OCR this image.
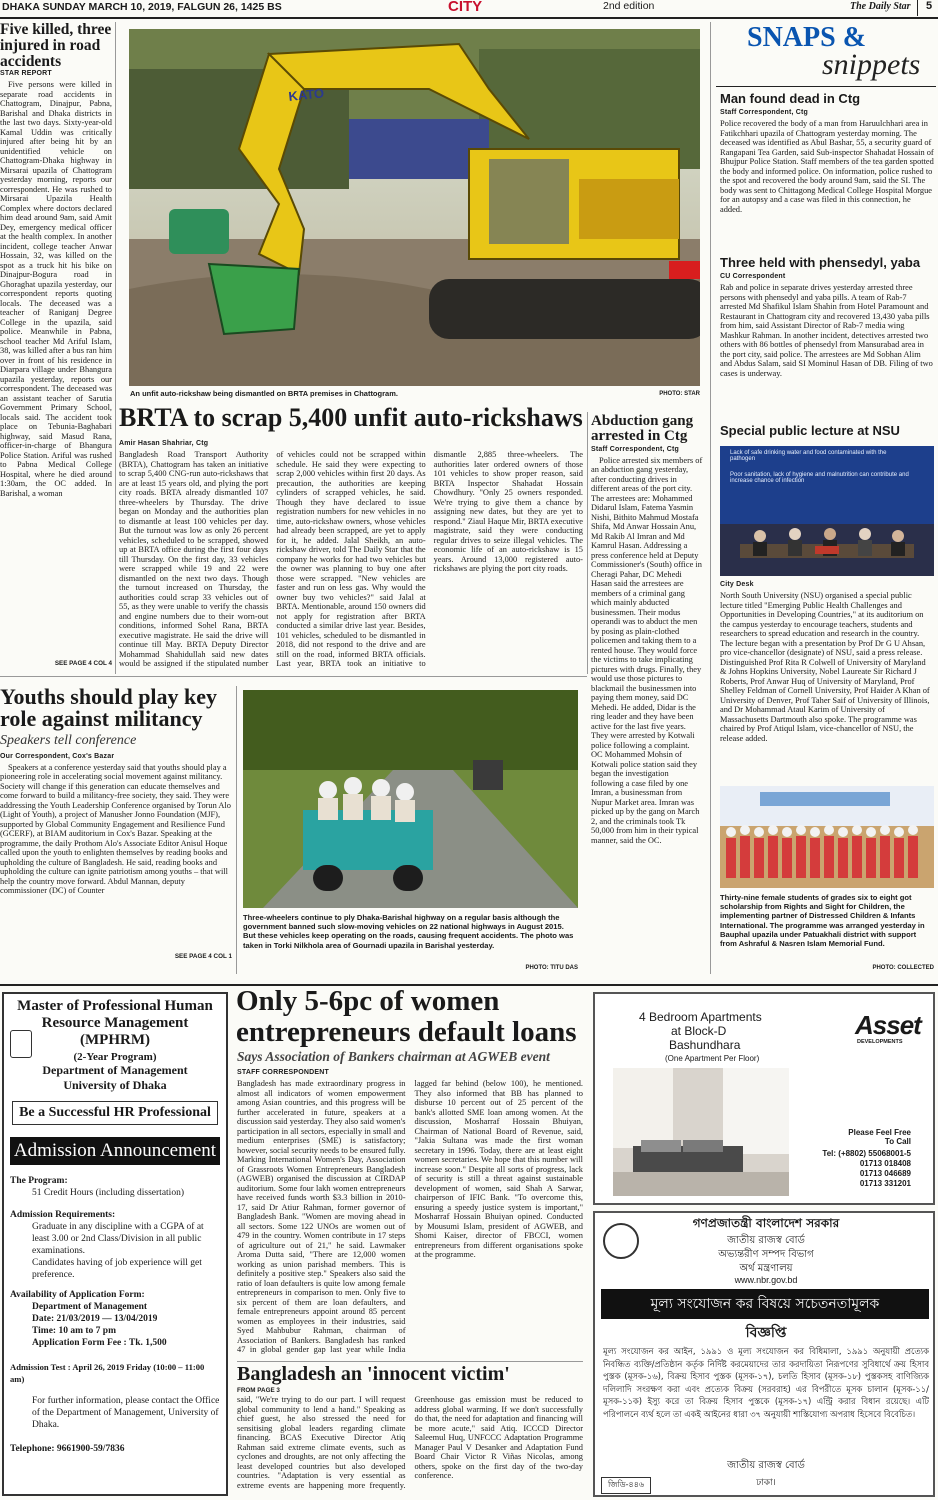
DHAKA SUNDAY MARCH 10, 2019, FALGUN 26, 1425 BS	CITY	2nd edition	The Daily Star 5
Five killed, three injured in road accidents
STAR REPORT
Five persons were killed in separate road accidents in Chattogram, Dinajpur, Pabna, Barishal and Dhaka districts in the last two days. Sixty-year-old Kamal Uddin was critically injured after being hit by an unidentified vehicle on Chattogram-Dhaka highway in Mirsarai upazila of Chattogram yesterday morning, reports our correspondent. He was rushed to Mirsarai Upazila Health Complex where doctors declared him dead around 9am, said Amit Dey, emergency medical officer at the health complex. In another incident, college teacher Anwar Hossain, 32, was killed on the spot as a truck hit his bike on Dinajpur-Bogura road in Ghoraghat upazila yesterday, our correspondent reports quoting locals. The deceased was a teacher of Raniganj Degree College in the upazila, said police. Meanwhile in Pabna, school teacher Md Ariful Islam, 38, was killed after a bus ran him over in front of his residence in Diarpara village under Bhangura upazila yesterday, reports our correspondent. The deceased was an assistant teacher of Sarutia Government Primary School, locals said. The accident took place on Tebunia-Baghabari highway, said Masud Rana, officer-in-charge of Bhangura Police Station. Ariful was rushed to Pabna Medical College Hospital, where he died around 1:30am, the OC added. In Barishal, a woman
SEE PAGE 4 COL 4
KATO
An unfit auto-rickshaw being dismantled on BRTA premises in Chattogram.	PHOTO: STAR
BRTA to scrap 5,400 unfit auto-rickshaws
Amir Hasan Shahriar, Ctg
Bangladesh Road Transport Authority (BRTA), Chattogram has taken an initiative to scrap 5,400 CNG-run auto-rickshaws that are at least 15 years old, and plying the port city roads. BRTA already dismantled 107 three-wheelers by Thursday. The drive began on Monday and the authorities plan to dismantle at least 100 vehicles per day. But the turnout was low as only 26 percent vehicles, scheduled to be scrapped, showed up at BRTA office during the first four days till Thursday. On the first day, 33 vehicles were scrapped while 19 and 22 were dismantled on the next two days. Though the turnout increased on Thursday, the authorities could scrap 33 vehicles out of 55, as they were unable to verify the chassis and engine numbers due to their worn-out conditions, informed Sohel Rana, BRTA executive magistrate. He said the drive will continue till May. BRTA Deputy Director Mohammad Shahidullah said new dates would be assigned if the stipulated number of vehicles could not be scrapped within schedule. He said they were expecting to scrap 2,000 vehicles within first 20 days. As precaution, the authorities are keeping cylinders of scrapped vehicles, he said. Though they have declared to issue registration numbers for new vehicles in no time, auto-rickshaw owners, whose vehicles had already been scrapped, are yet to apply for it, he added. Jalal Sheikh, an auto-rickshaw driver, told The Daily Star that the company he works for had two vehicles but the owner was planning to buy one after those were scrapped. "New vehicles are faster and run on less gas. Why would the owner buy two vehicles?" said Jalal at BRTA. Mentionable, around 150 owners did not apply for registration after BRTA conducted a similar drive last year. Besides, 101 vehicles, scheduled to be dismantled in 2018, did not respond to the drive and are still on the road, informed BRTA officials. Last year, BRTA took an initiative to dismantle 2,885 three-wheelers. The authorities later ordered owners of those 101 vehicles to show proper reason, said BRTA Inspector Shahadat Hossain Chowdhury. "Only 25 owners responded. We're trying to give them a chance by assigning new dates, but they are yet to respond." Ziaul Haque Mir, BRTA executive magistrate, said they were conducting regular drives to seize illegal vehicles. The economic life of an auto-rickshaw is 15 years. Around 13,000 registered auto-rickshaws are plying the port city roads.
Abduction gang arrested in Ctg
Staff Correspondent, Ctg
Police arrested six members of an abduction gang yesterday, after conducting drives in different areas of the port city. The arrestees are: Mohammed Didarul Islam, Fatema Yasmin Nishi, Bithito Mahmud Mostafa Shifa, Md Anwar Hossain Anu, Md Rakib Al Imran and Md Kamrul Hasan. Addressing a press conference held at Deputy Commissioner's (South) office in Cheragi Pahar, DC Mehedi Hasan said the arrestees are members of a criminal gang which mainly abducted businessmen. Their modus operandi was to abduct the men by posing as plain-clothed policemen and taking them to a rented house. They would force the victims to take implicating pictures with drugs. Finally, they would use those pictures to blackmail the businessmen into paying them money, said DC Mehedi. He added, Didar is the ring leader and they have been active for the last five years. They were arrested by Kotwali police following a complaint. OC Mohammed Mohsin of Kotwali police station said they began the investigation following a case filed by one Imran, a businessman from Nupur Market area. Imran was picked up by the gang on March 2, and the criminals took Tk 50,000 from him in their typical manner, said the OC.
SNAPS &
snippets
Man found dead in Ctg
Staff Correspondent, Ctg
Police recovered the body of a man from Haruulchhari area in Fatikchhari upazila of Chattogram yesterday morning. The deceased was identified as Abul Bashar, 55, a security guard of Rangapani Tea Garden, said Sub-inspector Shahadat Hossain of Bhujpur Police Station. Staff members of the tea garden spotted the body and informed police. On information, police rushed to the spot and recovered the body around 9am, said the SI. The body was sent to Chittagong Medical College Hospital Morgue for an autopsy and a case was filed in this connection, he added.
Three held with phensedyl, yaba
CU Correspondent
Rab and police in separate drives yesterday arrested three persons with phensedyl and yaba pills. A team of Rab-7 arrested Md Shafikul Islam Shahin from Hotel Paramount and Restaurant in Chattogram city and recovered 13,430 yaba pills from him, said Assistant Director of Rab-7 media wing Mashkur Rahman. In another incident, detectives arrested two others with 86 bottles of phensedyl from Mansurabad area in the port city, said police. The arrestees are Md Sobhan Alim and Abdus Salam, said SI Mominul Hasan of DB. Filing of two cases is underway.
Special public lecture at NSU
Lack of safe drinking water and food contaminated with the pathogen
Poor sanitation, lack of hygiene and malnutrition can contribute and increase chance of infection
City Desk
North South University (NSU) organised a special public lecture titled "Emerging Public Health Challenges and Opportunities in Developing Countries," at its auditorium on the campus yesterday to encourage teachers, students and researchers to spread education and research in the country. The lecture began with a presentation by Prof Dr G U Ahsan, pro vice-chancellor (designate) of NSU, said a press release. Distinguished Prof Rita R Colwell of University of Maryland & Johns Hopkins University, Nobel Laureate Sir Richard J Roberts, Prof Anwar Huq of University of Maryland, Prof Shelley Feldman of Cornell University, Prof Haider A Khan of University of Denver, Prof Taher Saif of University of Illinois, and Dr Mohammad Ataul Karim of University of Massachusetts Dartmouth also spoke. The programme was chaired by Prof Atiqul Islam, vice-chancellor of NSU, the release added.
Thirty-nine female students of grades six to eight got scholarship from Rights and Sight for Children, the implementing partner of Distressed Children & Infants International. The programme was arranged yesterday in Bauphal upazila under Patuakhali district with support from Ashraful & Nasren Islam Memorial Fund.
PHOTO: COLLECTED
Youths should play key role against militancy
Speakers tell conference
Our Correspondent, Cox's Bazar
Speakers at a conference yesterday said that youths should play a pioneering role in accelerating social movement against militancy. Society will change if this generation can educate themselves and come forward to build a militancy-free society, they said. They were addressing the Youth Leadership Conference organised by Torun Alo (Light of Youth), a project of Manusher Jonno Foundation (MJF), supported by Global Community Engagement and Resilience Fund (GCERF), at BIAM auditorium in Cox's Bazar. Speaking at the programme, the daily Prothom Alo's Associate Editor Anisul Hoque called upon the youth to enlighten themselves by reading books and upholding the culture of Bangladesh. He said, reading books and upholding the culture can ignite patriotism among youths – that will help the country move forward. Abdul Mannan, deputy commissioner (DC) of Counter
SEE PAGE 4 COL 1
Three-wheelers continue to ply Dhaka-Barishal highway on a regular basis although the government banned such slow-moving vehicles on 22 national highways in August 2015. But these vehicles keep operating on the roads, causing frequent accidents. The photo was taken in Torki Nilkhola area of Gournadi upazila in Barishal yesterday.
PHOTO: TITU DAS
Master of Professional Human Resource Management (MPHRM)
(2-Year Program)
Department of Management
University of Dhaka
Be a Successful HR Professional
Admission Announcement
The Program:
51 Credit Hours (including dissertation)
Admission Requirements:
Graduate in any discipline with a CGPA of at least 3.00 or 2nd Class/Division in all public examinations.
Candidates having of job experience will get preference.
Availability of Application Form:
Department of Management
Date: 21/03/2019 — 13/04/2019
Time: 10 am to 7 pm
Application Form Fee : Tk. 1,500
Admission Test : April 26, 2019 Friday (10:00 – 11:00 am)
For further information, please contact the Office of the Department of Management, University of Dhaka.
Telephone: 9661900-59/7836
Only 5-6pc of women entrepreneurs default loans
Says Association of Bankers chairman at AGWEB event
STAFF CORRESPONDENT
Bangladesh has made extraordinary progress in almost all indicators of women empowerment among Asian countries, and this progress will be further accelerated in future, speakers at a discussion said yesterday. They also said women's participation in all sectors, especially in small and medium enterprises (SME) is satisfactory; however, social security needs to be ensured fully. Marking International Women's Day, Association of Grassroots Women Entrepreneurs Bangladesh (AGWEB) organised the discussion at CIRDAP auditorium. Some four lakh women entrepreneurs have received funds worth $3.3 billion in 2010-17, said Dr Atiur Rahman, former governor of Bangladesh Bank. "Women are moving ahead in all sectors. Some 122 UNOs are women out of 479 in the country. Women contribute in 17 steps of agriculture out of 21," he said. Lawmaker Aroma Dutta said, "There are 12,000 women working as union parishad members. This is definitely a positive step." Speakers also said the ratio of loan defaulters is quite low among female entrepreneurs in comparison to men. Only five to six percent of them are loan defaulters, and female entrepreneurs appoint around 85 percent women as employees in their industries, said Syed Mahbubur Rahman, chairman of Association of Bankers. Bangladesh has ranked 47 in global gender gap last year while India lagged far behind (below 100), he mentioned. They also informed that BB has planned to disburse 10 percent out of 25 percent of the bank's allotted SME loan among women. At the discussion, Mosharraf Hossain Bhuiyan, Chairman of National Board of Revenue, said, "Jakia Sultana was made the first woman secretary in 1996. Today, there are at least eight women secretaries. We hope that this number will increase soon." Despite all sorts of progress, lack of security is still a threat against sustainable development of women, said Shah A Sarwar, chairperson of IFIC Bank. "To overcome this, ensuring a speedy justice system is important," Mosharraf Hossain Bhuiyan opined. Conducted by Mousumi Islam, president of AGWEB, and Shomi Kaiser, director of FBCCI, women entrepreneurs from different organisations spoke at the programme.
Bangladesh an 'innocent victim'
FROM PAGE 3
said, "We're trying to do our part. I will request global community to lend a hand." Speaking as chief guest, he also stressed the need for sensitising global leaders regarding climate financing. BCAS Executive Director Atiq Rahman said extreme climate events, such as cyclones and droughts, are not only affecting the least developed countries but also developed countries. "Adaptation is very essential as extreme events are happening more frequently. Greenhouse gas emission must be reduced to address global warming. If we don't successfully do that, the need for adaptation and financing will be more acute," said Atiq. ICCCD Director Saleemul Huq, UNFCCC Adaptation Programme Manager Paul V Desanker and Adaptation Fund Board Chair Victor R Viñas Nicolas, among others, spoke on the first day of the two-day conference.
4 Bedroom Apartments
at Block-D
Bashundhara
(One Apartment Per Floor)
Asset
DEVELOPMENTS
Please Feel Free
To Call
Tel: (+8802) 55068001-5
01713 018408
01713 046689
01713 331201
গণপ্রজাতন্ত্রী বাংলাদেশ সরকার
জাতীয় রাজস্ব বোর্ড
অভ্যন্তরীণ সম্পদ বিভাগ
অর্থ মন্ত্রণালয়
www.nbr.gov.bd
মূল্য সংযোজন কর বিষয়ে সচেতনতামূলক
বিজ্ঞপ্তি
মূল্য সংযোজন কর আইন, ১৯৯১ ও মূল্য সংযোজন কর বিধিমালা, ১৯৯১ অনুযায়ী প্রত্যেক নিবন্ধিত ব্যক্তি/প্রতিষ্ঠান কর্তৃক নির্দিষ্ট করমেয়াদের তার করদায়িতা নিরূপণের সুবিধার্থে ক্রয় হিসাব পুস্তক (মূসক-১৬), বিক্রয় হিসাব পুস্তক (মূসক-১৭), চলতি হিসাব (মূসক-১৮) পুস্তকসহ বাণিজ্যিক দলিলাদি সংরক্ষণ করা এবং প্রত্যেক বিক্রয় (সরবরাহ) এর বিপরীতে মূসক চালান (মূসক-১১/মূসক-১১ক) ইস্যু করে তা বিক্রয় হিসাব পুস্তকে (মূসক-১৭) এন্ট্রি করার বিধান রয়েছে। এটি পরিপালনে ব্যর্থ হলে তা একই আইনের ধারা ৩৭ অনুযায়ী শাস্তিযোগ্য অপরাধ হিসেবে বিবেচিত।
জাতীয় রাজস্ব বোর্ড
ঢাকা।
জিডি-৪৪৬
